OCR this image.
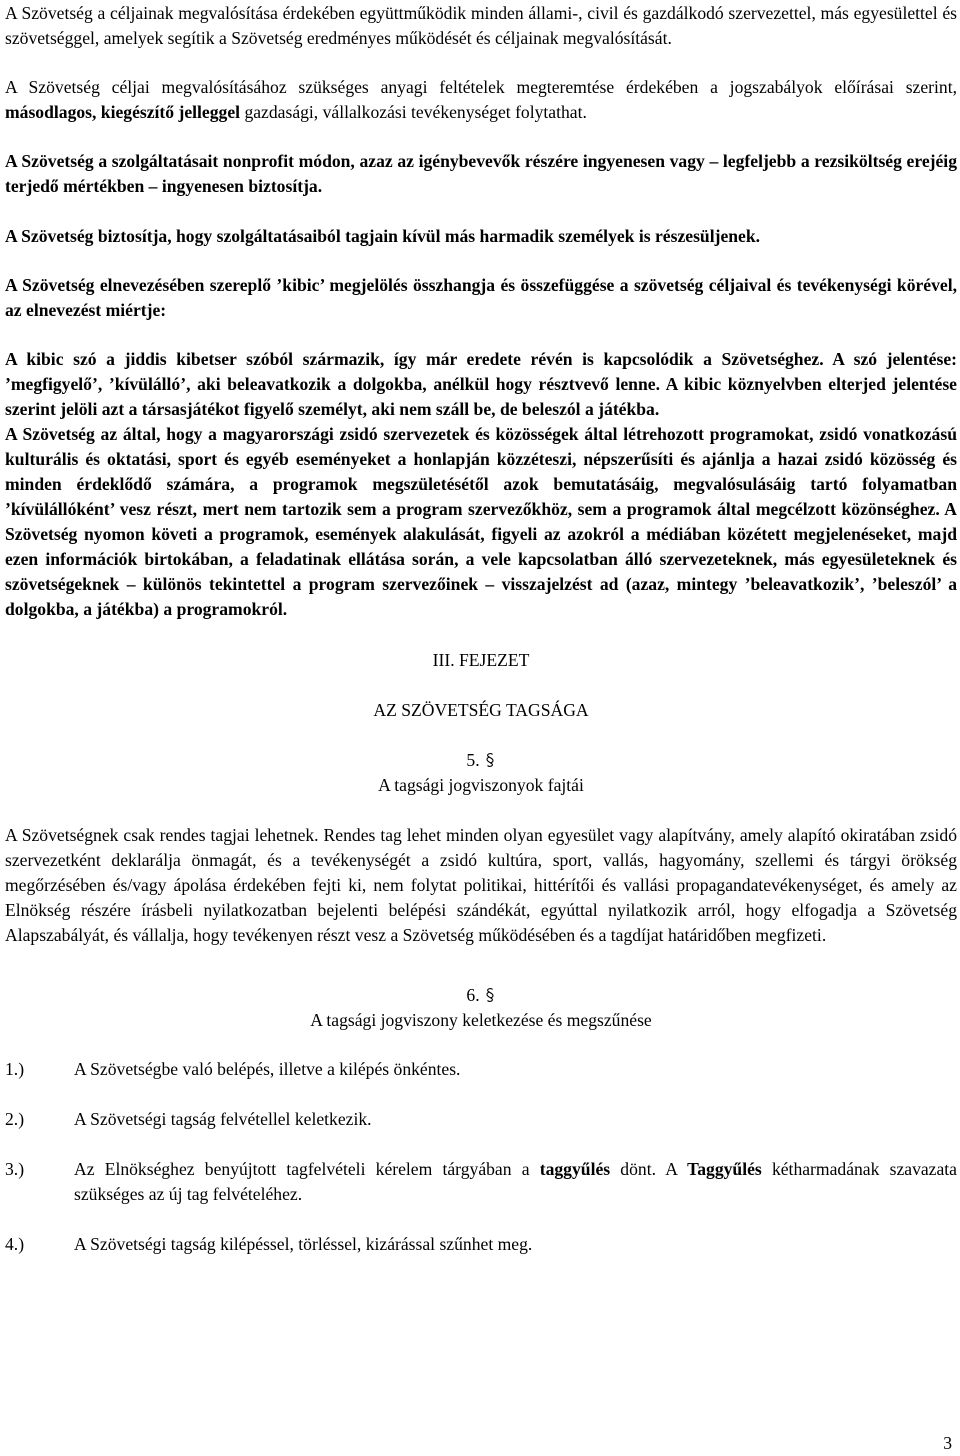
A Szövetség a céljainak megvalósítása érdekében együttműködik minden állami-, civil és gazdálkodó szervezettel, más egyesülettel és szövetséggel, amelyek segítik a Szövetség eredményes működését és céljainak megvalósítását.

A Szövetség céljai megvalósításához szükséges anyagi feltételek megteremtése érdekében a jogszabályok előírásai szerint, másodlagos, kiegészítő jelleggel gazdasági, vállalkozási tevékenységet folytathat.

A Szövetség a szolgáltatásait nonprofit módon, azaz az igénybevevők részére ingyenesen vagy – legfeljebb a rezsiköltség erejéig terjedő mértékben – ingyenesen biztosítja.

A Szövetség biztosítja, hogy szolgáltatásaiból tagjain kívül más harmadik személyek is részesüljenek.

A Szövetség elnevezésében szereplő ’kibic’ megjelölés összhangja és összefüggése a szövetség céljaival és tevékenységi körével, az elnevezést miértje:

A kibic szó a jiddis kibetser szóból származik, így már eredete révén is kapcsolódik a Szövetséghez. A szó jelentése: ’megfigyelő’, ’kívülálló’, aki beleavatkozik a dolgokba, anélkül hogy résztvevő lenne. A kibic köznyelvben elterjed jelentése szerint jelöli azt a társasjátékot figyelő személyt, aki nem száll be, de beleszól a játékba.

A Szövetség az által, hogy a magyarországi zsidó szervezetek és közösségek által létrehozott programokat, zsidó vonatkozású kulturális és oktatási, sport és egyéb eseményeket a honlapján közzéteszi, népszerűsíti és ajánlja a hazai zsidó közösség és minden érdeklődő számára, a programok megszületésétől azok bemutatásáig, megvalósulásáig tartó folyamatban ’kívülállóként’ vesz részt, mert nem tartozik sem a program szervezőkhöz, sem a programok által megcélzott közönséghez. A Szövetség nyomon követi a programok, események alakulását, figyeli az azokról a médiában közétett megjelenéseket, majd ezen információk birtokában, a feladatinak ellátása során, a vele kapcsolatban álló szervezeteknek, más egyesületeknek és szövetségeknek – különös tekintettel a program szervezőinek – visszajelzést ad (azaz, mintegy ’beleavatkozik’, ’beleszól’ a dolgokba, a játékba) a programokról.

III. FEJEZET

AZ SZÖVETSÉG TAGSÁGA

5.

A tagsági jogviszonyok fajtái

A Szövetségnek csak rendes tagjai lehetnek. Rendes tag lehet minden olyan egyesület vagy alapítvány, amely alapító okiratában zsidó szervezetként deklarálja önmagát, és a tevékenységét a zsidó kultúra, sport, vallás, hagyomány, szellemi és tárgyi örökség megőrzésében és/vagy ápolása érdekében fejti ki, nem folytat politikai, hittérítői és vallási propagandatevékenységet, és amely az Elnökség részére írásbeli nyilatkozatban bejelenti belépési szándékát, egyúttal nyilatkozik arról, hogy elfogadja a Szövetség Alapszabályát, és vállalja, hogy tevékenyen részt vesz a Szövetség működésében és a tagdíjat határidőben megfizeti.

6.

A tagsági jogviszony keletkezése és megszűnése

1.)	A Szövetségbe való belépés, illetve a kilépés önkéntes.
2.)	A Szövetségi tagság felvétellel keletkezik.
3.)	Az Elnökséghez benyújtott tagfelvételi kérelem tárgyában a taggyűlés dönt. A Taggyűlés kétharmadának szavazata szükséges az új tag felvételéhez.
4.)	A Szövetségi tagság kilépéssel, törléssel, kizárással szűnhet meg.
3
